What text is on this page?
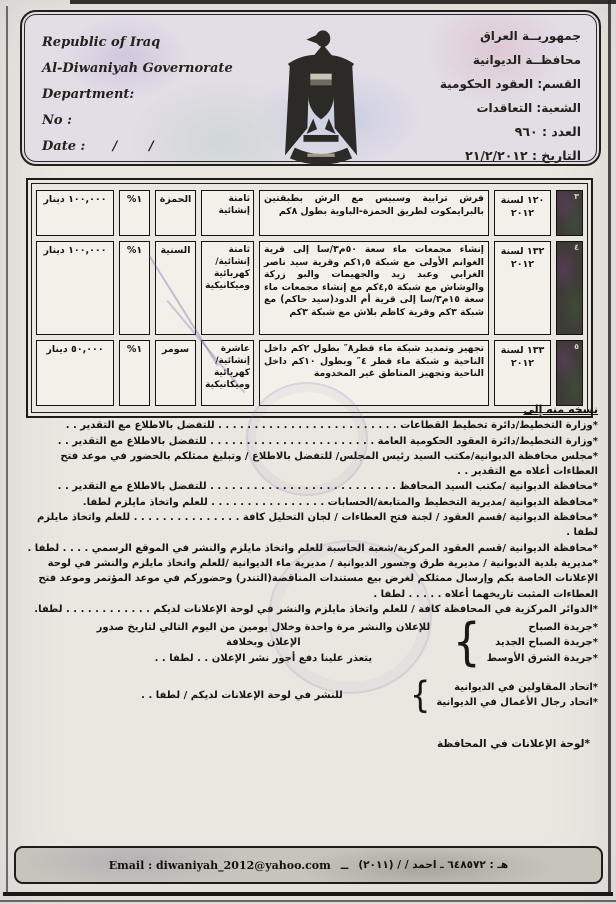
Republic of Iraq
Al-Diwaniyah Governorate
Department:
No :
Date :      /       /
جمهوريــة العراق
محافظــة الديوانية
القسم: العقود الحكومية
الشعبة: التعاقدات
العدد : ٩٦٠
التاريخ : ٢١/٢/٢٠١٢
٣
١٢٠ لسنة ٢٠١٢
فرش ترابية وسبيس مع الرش بطبقتين بالبرايمكوت لطريق الحمزة-الباوية بطول ٨كم
ثامنة إنشائية
الحمزة
١%
١٠٠,٠٠٠ دينار
٤
١٣٢ لسنة ٢٠١٢
إنشاء مجمعات ماء سعة ٥٠م٣/سا إلى قرية الغوانم الأولى مع شبكة ١,٥كم وقرية سيد ناصر الغرابي وعبد زيد والجهيمات والبو زركة والوشاش مع شبكة ٤,٥كم مع إنشاء مجمعات ماء سعة ١٥م٣/سا إلى قرية أم الدود(سيد حاكم) مع شبكة ٣كم وقرية كاظم بلاش مع شبكة ٣كم
ثامنة إنشائية/ كهربائية وميكانيكية
السنية
١%
١٠٠,٠٠٠ دينار
٥
١٣٣ لسنة ٢٠١٢
تجهيز وتمديد شبكة ماء قطر٨″ بطول ٢كم داخل الناحية و شبكة ماء قطر ٤″ وبطول ١٠كم داخل الناحية وتجهيز المناطق غير المخدومة
عاشرة إنشائية/ كهربائية وميكانيكية
سومر
١%
٥٠,٠٠٠ دينار
نسخه منه إلى
*وزارة التخطيط/دائرة تخطيط القطاعات . . . . . . . . . . . . . . . . . . . . . . . . . للتفضل بالاطلاع مع التقدير . .
*وزارة التخطيط/دائرة العقود الحكومية العامة . . . . . . . . . . . . . . . . . . . . . . . للتفضل بالاطلاع مع التقدير . .
*مجلس محافظة الديوانية/مكتب السيد رئيس المجلس/ للتفضل بالاطلاع / وتبليغ ممثلكم بالحضور في موعد فتح العطاءات أعلاه مع التقدير . .
*محافظة الديوانية /مكتب السيد المحافظ . . . . . . . . . . . . . . . . . . . . . . . . . . للتفضل بالاطلاع مع التقدير . .
*محافظة الديوانية /مديرية التخطيط والمتابعة/الحسابات . . . . . . . . . . . . . . . . للعلم واتخاذ مايلزم لطفا.
*محافظة الديوانية /قسم العقود / لجنة فتح العطاءات / لجان التحليل كافة . . . . . . . . . . . . . . . للعلم واتخاذ مايلزم لطفا .
*محافظة الديوانية /قسم العقود المركزية/شعبة الحاسبة للعلم واتخاذ مايلزم والنشر في الموقع الرسمي . . . . لطفا .
*مديرية بلدية الديوانية / مديرية طرق وجسور الديوانية / مديرية ماء الديوانية /للعلم واتخاذ مايلزم والنشر في لوحة الإعلانات الخاصة بكم وإرسال ممثلكم لغرض بيع مستندات المناقصة(التندر) وحضوركم في موعد المؤتمر وموعد فتح العطاءات المثبت تاريخهما أعلاه . . . . . لطفا .
*الدوائر المركزية في المحافظة كافة / للعلم واتخاذ مايلزم والنشر في لوحة الإعلانات لديكم . . . . . . . . . . . . لطفا.
*جريدة الصباح
*جريدة الصباح الجديد
*جريدة الشرق الأوسط
{
للإعلان والنشر مرة واحدة وخلال يومين من اليوم التالي لتاريخ صدور الإعلان وبخلافة
يتعذر علينا دفع أجور نشر الإعلان . . لطفا . .
*اتحاد المقاولين في الديوانية
*اتحاد رجال الأعمال في الديوانية
{
للنشر في لوحة الإعلانات لديكم / لطفا . .
*لوحة الإعلانات في المحافظة
Email : diwaniyah_2012@yahoo.com ــ هـ : ٦٤٨٥٧٢ ـ احمد / / (٢٠١١)
